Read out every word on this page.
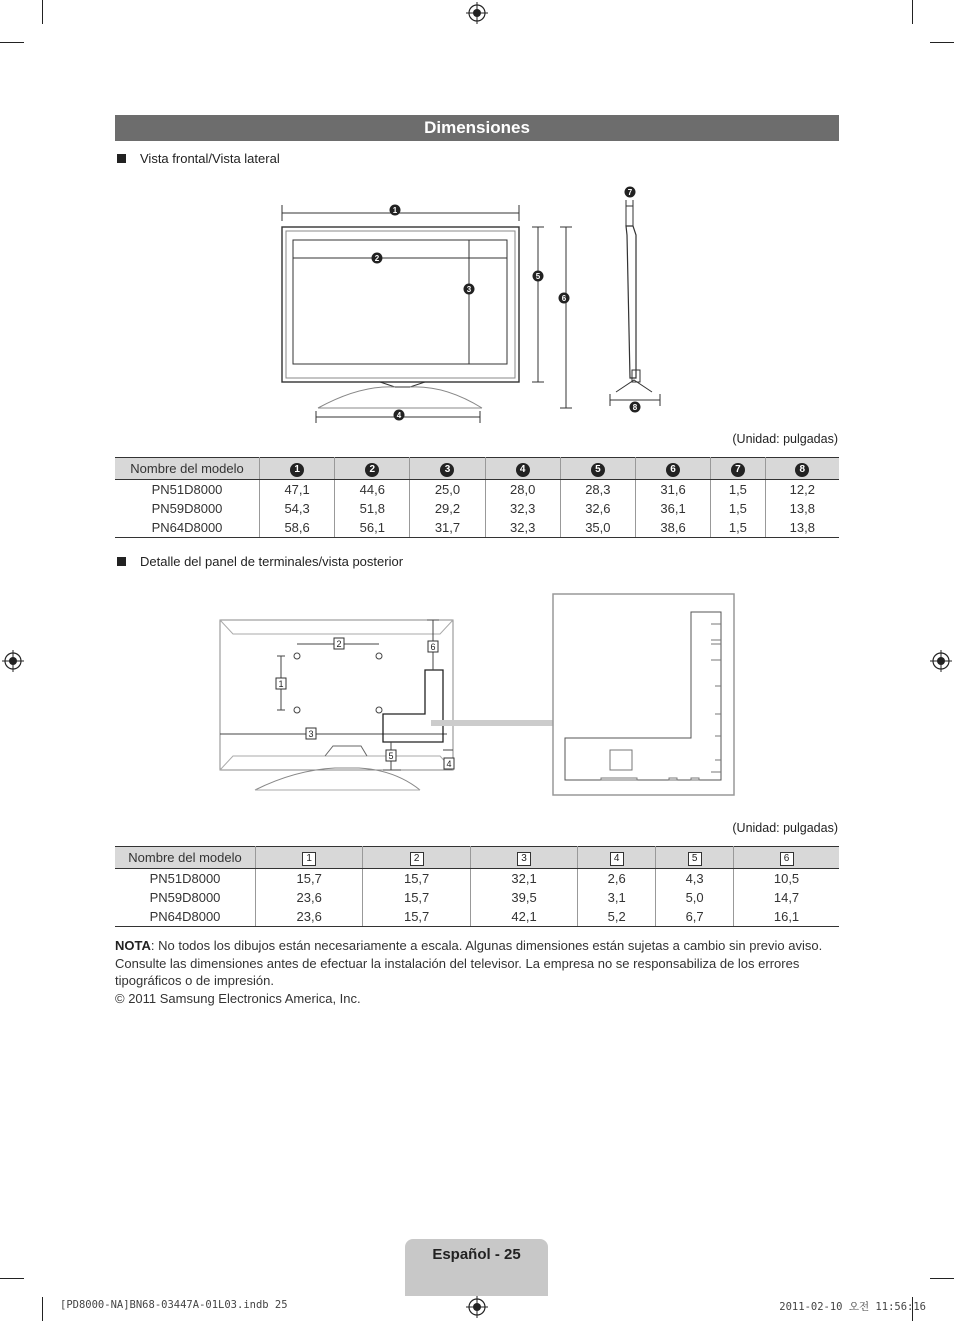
Dimensiones
Vista frontal/Vista lateral
1
2
3
4
5
6
7
8
(Unidad: pulgadas)
Nombre del modelo	1	2	3	4	5	6	7	8
PN51D8000	47,1	44,6	25,0	28,0	28,3	31,6	1,5	12,2
PN59D8000	54,3	51,8	29,2	32,3	32,6	36,1	1,5	13,8
PN64D8000	58,6	56,1	31,7	32,3	35,0	38,6	1,5	13,8
Detalle del panel de terminales/vista posterior
2
1
3
6
5
4
(Unidad: pulgadas)
Nombre del modelo	1	2	3	4	5	6
PN51D8000	15,7	15,7	32,1	2,6	4,3	10,5
PN59D8000	23,6	15,7	39,5	3,1	5,0	14,7
PN64D8000	23,6	15,7	42,1	5,2	6,7	16,1
NOTA: No todos los dibujos están necesariamente a escala. Algunas dimensiones están sujetas a cambio sin previo aviso. Consulte las dimensiones antes de efectuar la instalación del televisor. La empresa no se responsabiliza de los errores tipográficos o de impresión.
© 2011 Samsung Electronics America, Inc.
Español - 25
[PD8000-NA]BN68-03447A-01L03.indb 25	2011-02-10 오전 11:56:16
